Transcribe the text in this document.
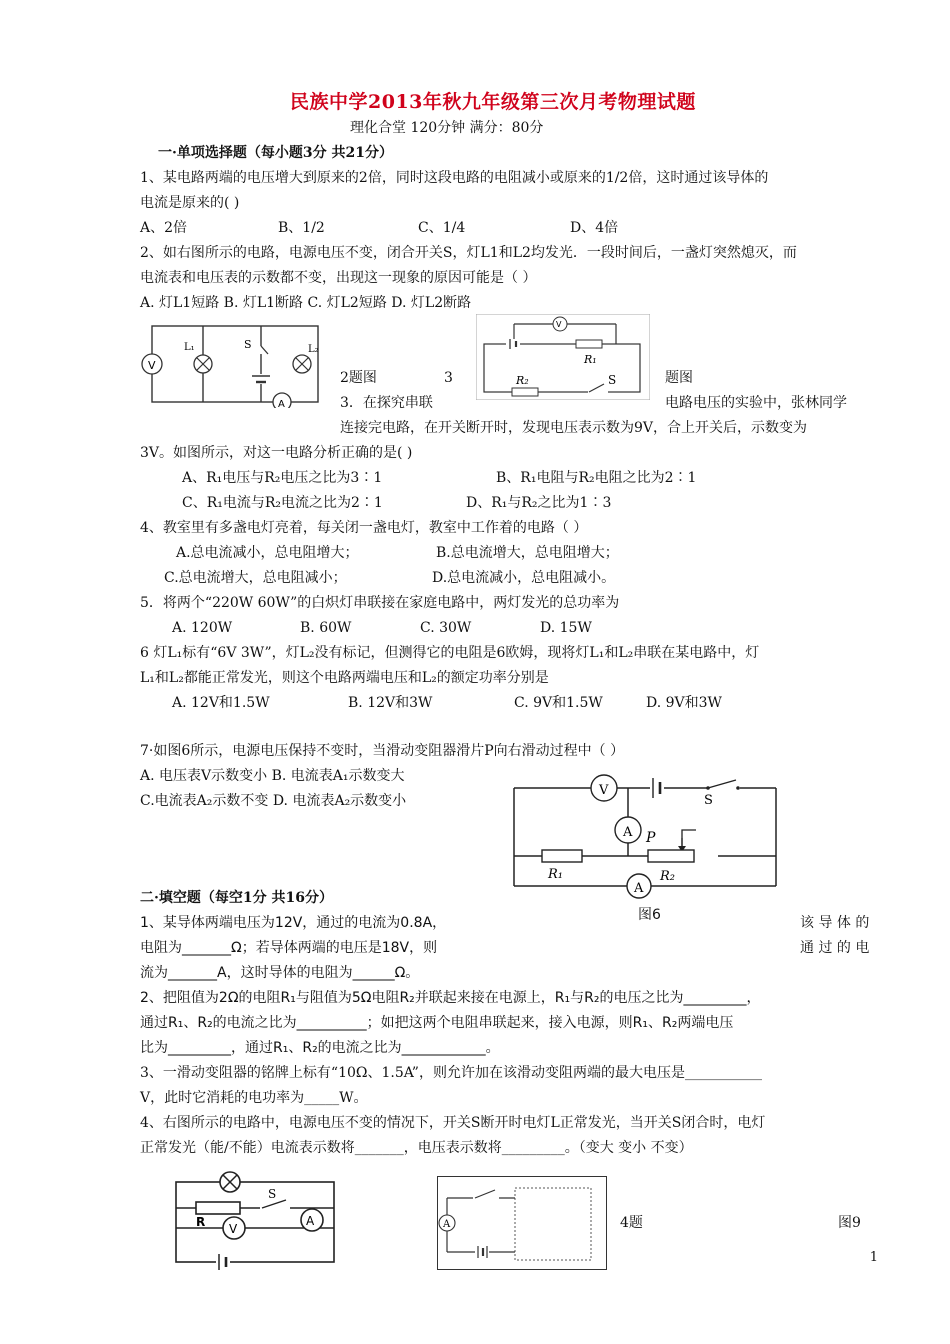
民族中学2013年秋九年级第三次月考物理试题
理化合堂 120分钟 满分：80分
一·单项选择题（每小题3分 共21分）
1、某电路两端的电压增大到原来的2倍，同时这段电路的电阻减小或原来的1/2倍，这时通过该导体的
电流是原来的( )
A、2倍	B、1/2	C、1/4	D、4倍
2、如右图所示的电路，电源电压不变，闭合开关S，灯L1和L2均发光．一段时间后，一盏灯突然熄灭，而
电流表和电压表的示数都不变，出现这一现象的原因可能是（ ）
A. 灯L1短路 B. 灯L1断路 C. 灯L2短路 D. 灯L2断路
V
A
S
L₁	L₂
2题图	3	题图
V
R₁
R₂	S
3．在探究串联	电路电压的实验中，张林同学
连接完电路，在开关断开时，发现电压表示数为9V，合上开关后，示数变为
3V。如图所示，对这一电路分析正确的是( )
A、R₁电压与R₂电压之比为3∶1	B、R₁电阻与R₂电阻之比为2∶1
C、R₁电流与R₂电流之比为2∶1	D、R₁与R₂之比为1∶3
4、教室里有多盏电灯亮着，每关闭一盏电灯，教室中工作着的电路（ ）
A.总电流减小，总电阻增大；	B.总电流增大，总电阻增大；
C.总电流增大，总电阻减小；	D.总电流减小，总电阻减小。
5．将两个“220W 60W”的白炽灯串联接在家庭电路中，两灯发光的总功率为
A. 120W	B. 60W	C. 30W	D. 15W
6 灯L₁标有“6V 3W”，灯L₂没有标记，但测得它的电阻是6欧姆，现将灯L₁和L₂串联在某电路中，灯
L₁和L₂都能正常发光，则这个电路两端电压和L₂的额定功率分别是
A. 12V和1.5W	B. 12V和3W	C. 9V和1.5W	D. 9V和3W
7·如图6所示，电源电压保持不变时，当滑动变阻器滑片P向右滑动过程中（ ）
A. 电压表V示数变小 B. 电流表A₁示数变大
C.电流表A₂示数不变 D. 电流表A₂示数变小	S
V
A P
R₁	R₂
A
图6
二·填空题（每空1分 共16分）
1、某导体两端电压为12V，通过的电流为0.8A，	该 导 体 的
电阻为_______Ω；若导体两端的电压是18V，则	通 过 的 电
流为_______A，这时导体的电阻为______Ω。
2、把阻值为2Ω的电阻R₁与阻值为5Ω电阻R₂并联起来接在电源上，R₁与R₂的电压之比为_________，
通过R₁、R₂的电流之比为__________；如把这两个电阻串联起来，接入电源，则R₁、R₂两端电压
比为_________，通过R₁、R₂的电流之比为____________。
3、一滑动变阻器的铭牌上标有“10Ω、1.5A”，则允许加在该滑动变阻两端的最大电压是___________
V，此时它消耗的电功率为_____W。
4、右图所示的电路中，电源电压不变的情况下，开关S断开时电灯L正常发光，当开关S闭合时，电灯
正常发光（能/不能）电流表示数将_______，电压表示数将_________。（变大 变小 不变）
R
S
A
V	A	4题	图9
1
